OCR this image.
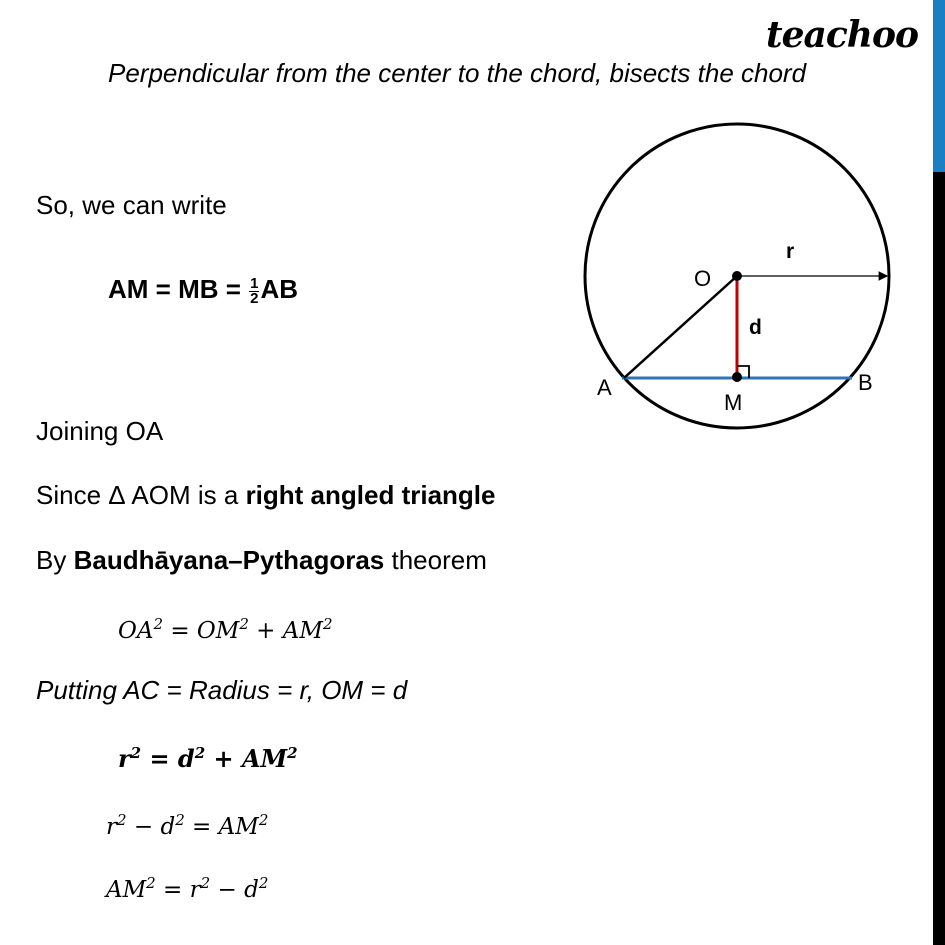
teachoo
Perpendicular from the center to the chord, bisects the chord
So, we can write
AM = MB = $\frac{1}{2}$ AB
Joining OA
Since Δ AOM is a right angled triangle
By Baudhāyana–Pythagoras theorem
$OA^2 = OM^2 + AM^2$
Putting AC = Radius = r, OM = d
$r^2 = d^2 + AM^2$
$r^2 - d^2 = AM^2$
$AM^2 = r^2 - d^2$
O
r
d
A	B
M
